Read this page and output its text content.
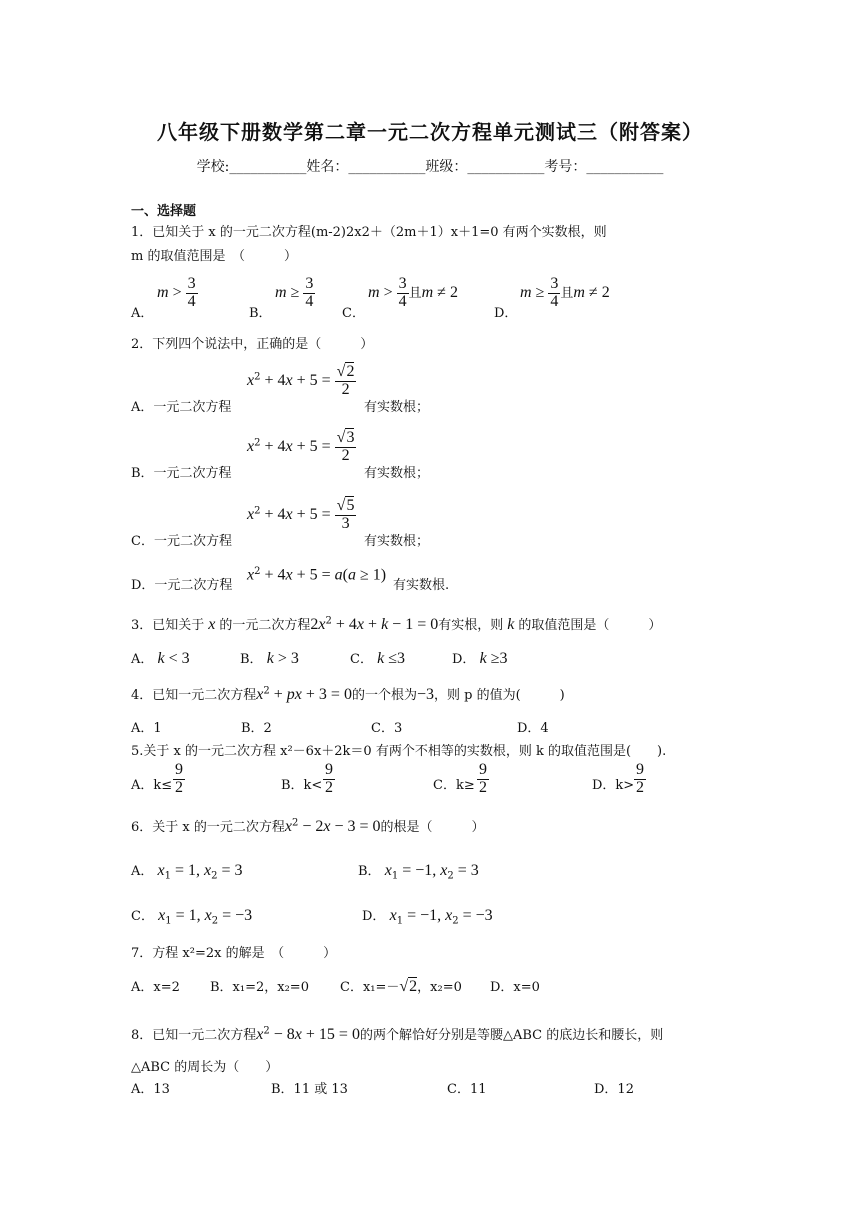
八年级下册数学第二章一元二次方程单元测试三（附答案）
学校:___________姓名：___________班级：___________考号：___________
一、选择题
1．已知关于 x 的一元二次方程(m-2)2x2＋（2m＋1）x＋1=0 有两个实数根，则
m 的取值范围是　（　　　）
A．
$m > \frac{3}{4}$
B．
$m \ge \frac{3}{4}$
C．
$m > \frac{3}{4}$ 且m ≠ 2
D．
$m \ge \frac{3}{4}$ 且m ≠ 2
2．下列四个说法中，正确的是（　　　）
A．一元二次方程
$x^2 + 4x + 5 = \frac{√2}{2}$
有实数根；
B．一元二次方程
$x^2 + 4x + 5 = \frac{√3}{2}$
有实数根；
C．一元二次方程
$x^2 + 4x + 5 = \frac{√5}{3}$
有实数根；
D．一元二次方程
$x^2 + 4x + 5 = a(a \ge 1)$
有实数根.
3．已知关于 x 的一元二次方程$2x^2 + 4x + k - 1 = 0$有实根，则 k 的取值范围是（　　　）
A． k < 3	B． k > 3	C． k ≤3	D． k ≥3
4．已知一元二次方程$x^2$ + px + 3 = 0的一个根为−3，则 p 的值为(　　　)
A．1	B．2	C．3	D．4
5.关于 x 的一元二次方程 x²－6x＋2k＝0 有两个不相等的实数根，则 k 的取值范围是(　　).
A．$k\le \frac{9}{2}$	B．$k< \frac{9}{2}$	C．$k\ge \frac{9}{2}$	D．$k> \frac{9}{2}$
6．关于 x 的一元二次方程$x^2 - 2x - 3 = 0$的根是（　　　）
A． $x_1 = 1$, $x_2 = 3$	B． $x_1 = -1$, $x_2 = 3$
C． $x_1 = 1$, $x_2 = -3$	D． $x_1 = -1$, $x_2 = -3$
7．方程 x²=2x 的解是　（　　　）
A．x=2 B．x₁=2，x₂=0 C．x₁=－√2，x₂=0 D．x=0
8．已知一元二次方程$x^2 - 8x + 15 = 0$的两个解恰好分别是等腰△ABC 的底边长和腰长，则
△ABC 的周长为（　　）
A．13	B．11 或 13	C．11	D．12
